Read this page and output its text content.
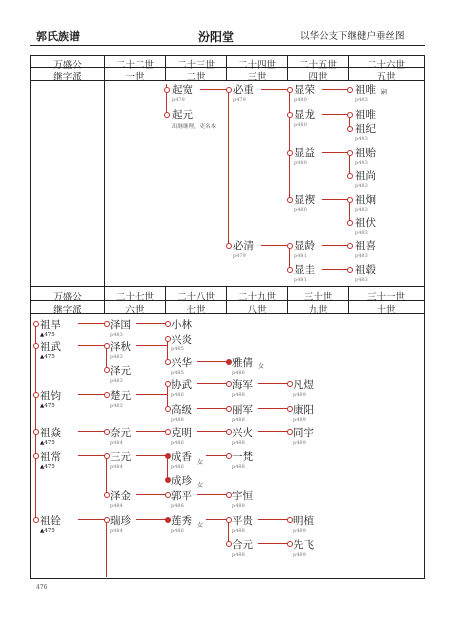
郭氏族谱	汾阳堂	以华公支下继健户垂丝图
万盛公	二十二世	二十三世	二十四世	二十五世	二十六世
继字派	一世	二世	三世	四世	五世
万盛公	二十七世	二十八世	二十九世	三十世	三十一世
继字派	六世	七世	八世	九世	十世
起宽
p478
起元
出继继理，吏名本
必重
p479
必清
p479
显荣
p480
显龙
p480
显益
p480
显禊
p480
显龄
p481
显圭
p481
祖唯 嗣
p483
祖唯
祖纪
p483
祖贻
p483
祖尚
p483
祖炯
p483
祖伏
p483
祖喜
p483
祖毂
p483
祖旱
▲475
祖武
▲475
祖钧
▲475
祖焱
▲475
祖常
▲475
祖铨
▲475
泽国
p483
泽秋
p483
泽元
p483
楚元
p483
奈元
p484
三元
p484
泽金
p484
瑞珍
p484
小林
兴炎
p485
兴华
p485
协武
p486
高级
p486
克明
p486
成香 女
p486
成珍 女
郭平
p486
莲秀 女
p486
雅倩 女
p486
海军
p488
丽军
p488
兴火
p488
一梵
p488
宇恒
p488
平贵
p488
合元
p488
凡煜
p489
康阳
p489
同宇
p489
明植
p489
先飞
p489
476
